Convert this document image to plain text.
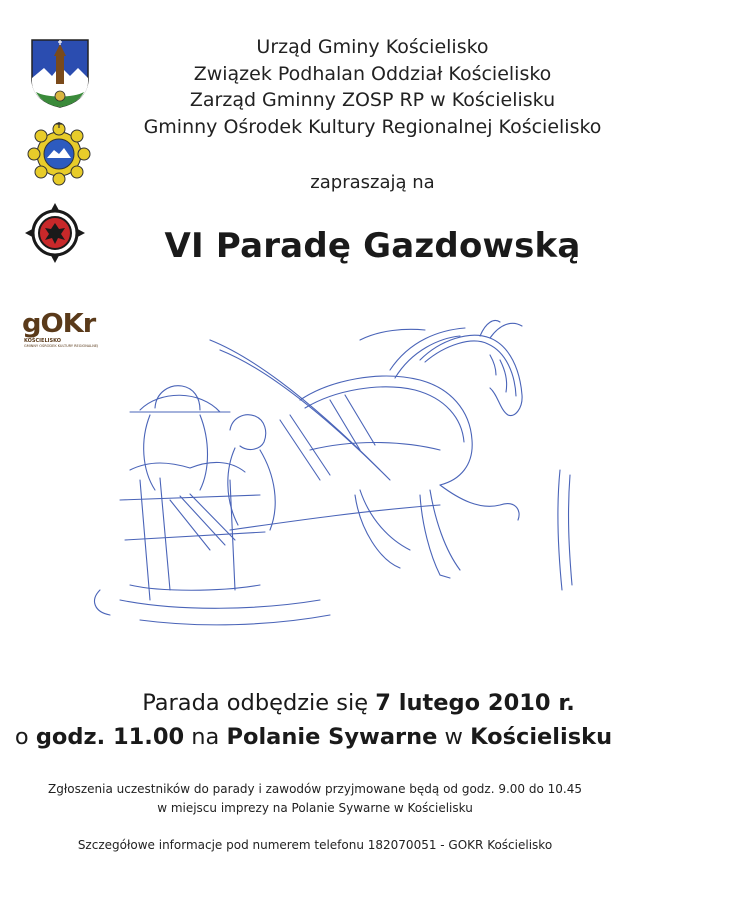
gOKr
KOŚCIELISKO
GMINNY OŚRODEK KULTURY REGIONALNEJ
Urząd Gminy Kościelisko
Związek Podhalan Oddział Kościelisko
Zarząd Gminny ZOSP RP w Kościelisku
Gminny Ośrodek Kultury Regionalnej Kościelisko
zapraszają na
VI Paradę Gazdowską
Parada odbędzie się 7 lutego 2010 r.
o godz. 11.00 na Polanie Sywarne w Kościelisku
Zgłoszenia uczestników do parady i zawodów przyjmowane będą od godz. 9.00 do 10.45
w miejscu imprezy na Polanie Sywarne w Kościelisku
Szczegółowe informacje pod numerem telefonu 182070051 - GOKR Kościelisko
